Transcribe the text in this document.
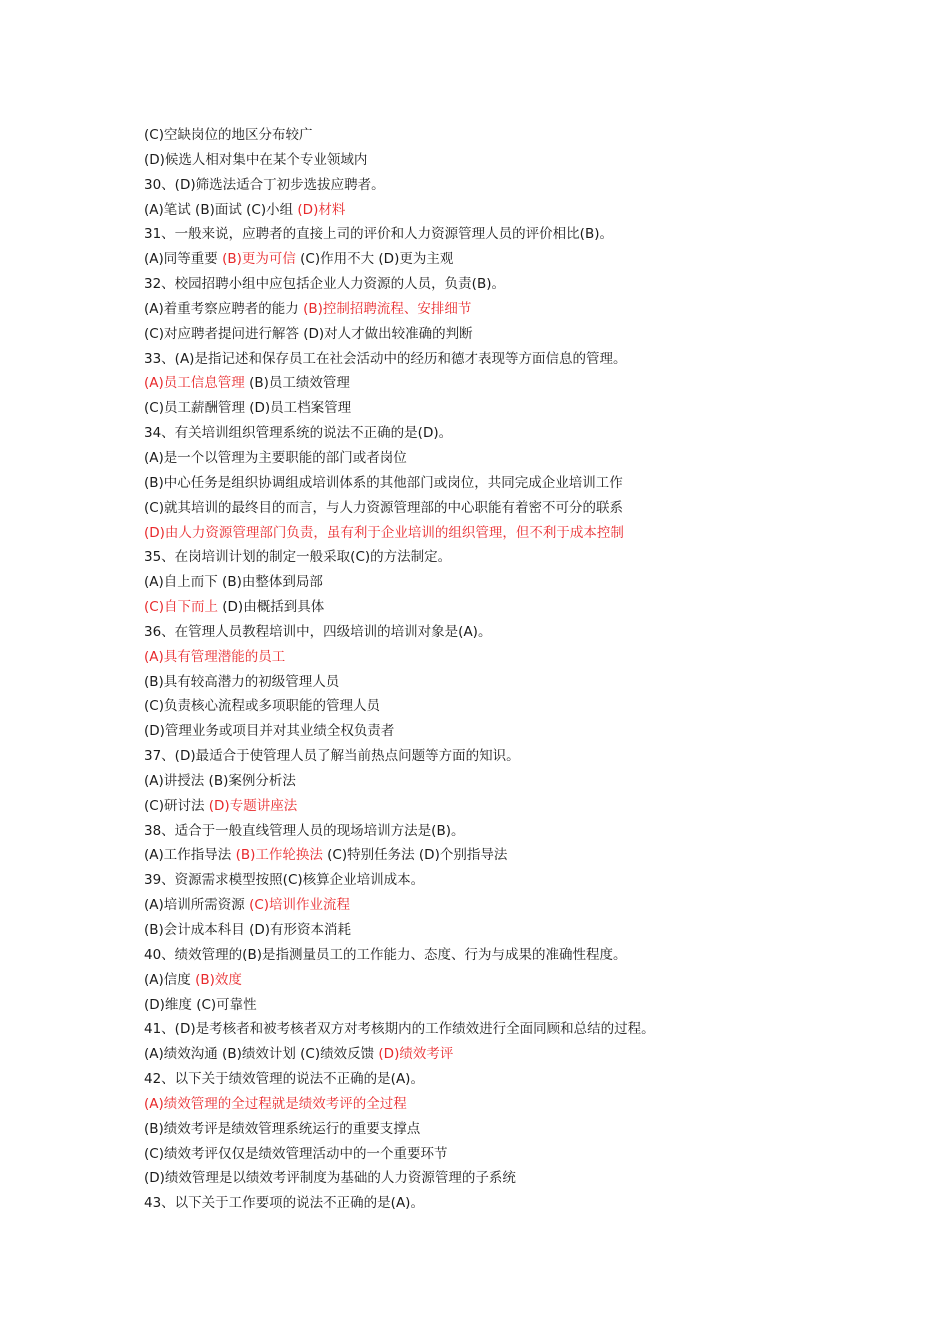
(C)空缺岗位的地区分布较广
(D)候选人相对集中在某个专业领域内
30、(D)筛选法适合丁初步选拔应聘者。
(A)笔试 (B)面试 (C)小组 (D)材料
31、一般来说，应聘者的直接上司的评价和人力资源管理人员的评价相比(B)。
(A)同等重要 (B)更为可信 (C)作用不大 (D)更为主观
32、校园招聘小组中应包括企业人力资源的人员，负责(B)。
(A)着重考察应聘者的能力 (B)控制招聘流程、安排细节
(C)对应聘者提问进行解答 (D)对人才做出较准确的判断
33、(A)是指记述和保存员工在社会活动中的经历和德才表现等方面信息的管理。
(A)员工信息管理 (B)员工绩效管理
(C)员工薪酬管理 (D)员工档案管理
34、有关培训组织管理系统的说法不正确的是(D)。
(A)是一个以管理为主要职能的部门或者岗位
(B)中心任务是组织协调组成培训体系的其他部门或岗位，共同完成企业培训工作
(C)就其培训的最终目的而言，与人力资源管理部的中心职能有着密不可分的联系
(D)由人力资源管理部门负责，虽有利于企业培训的组织管理，但不利于成本控制
35、在岗培训计划的制定一般采取(C)的方法制定。
(A)自上而下 (B)由整体到局部
(C)自下而上 (D)由概括到具体
36、在管理人员教程培训中，四级培训的培训对象是(A)。
(A)具有管理潜能的员工
(B)具有较高潜力的初级管理人员
(C)负责核心流程或多项职能的管理人员
(D)管理业务或项目并对其业绩全权负责者
37、(D)最适合于使管理人员了解当前热点问题等方面的知识。
(A)讲授法 (B)案例分析法
(C)研讨法 (D)专题讲座法
38、适合于一般直线管理人员的现场培训方法是(B)。
(A)工作指导法 (B)工作轮换法 (C)特别任务法 (D)个别指导法
39、资源需求模型按照(C)核算企业培训成本。
(A)培训所需资源 (C)培训作业流程
(B)会计成本科目 (D)有形资本消耗
40、绩效管理的(B)是指测量员工的工作能力、态度、行为与成果的准确性程度。
(A)信度 (B)效度
(D)维度 (C)可靠性
41、(D)是考核者和被考核者双方对考核期内的工作绩效进行全面同顾和总结的过程。
(A)绩效沟通 (B)绩效计划 (C)绩效反馈 (D)绩效考评
42、以下关于绩效管理的说法不正确的是(A)。
(A)绩效管理的全过程就是绩效考评的全过程
(B)绩效考评是绩效管理系统运行的重要支撑点
(C)绩效考评仅仅是绩效管理活动中的一个重要环节
(D)绩效管理是以绩效考评制度为基础的人力资源管理的子系统
43、以下关于工作要项的说法不正确的是(A)。
